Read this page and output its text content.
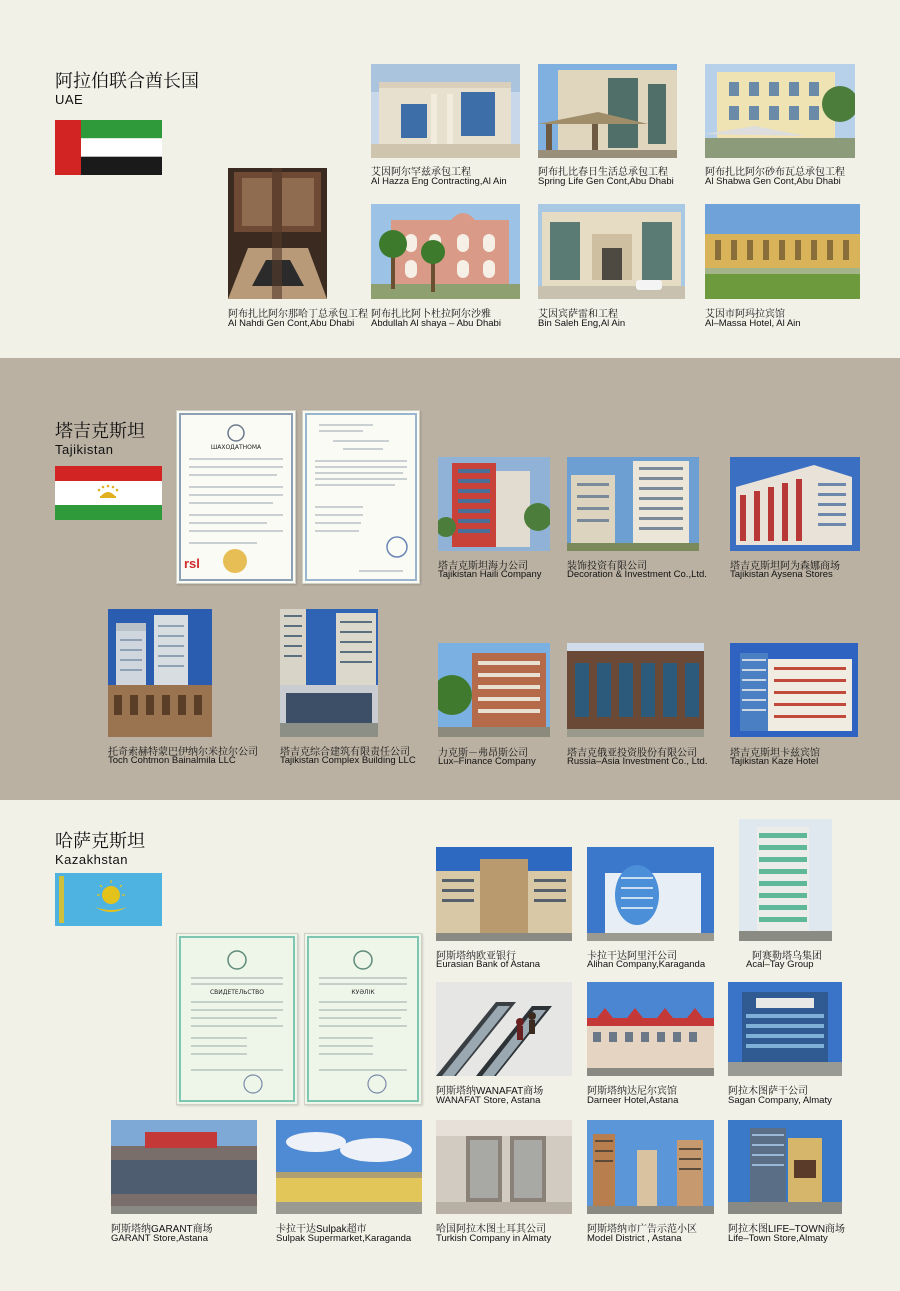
阿拉伯联合酋长国
UAE
艾因阿尔罕兹承包工程
Al Hazza Eng Contracting,Al Ain
阿布扎比春日生活总承包工程
Spring Life Gen Cont,Abu Dhabi
阿布扎比阿尔砂布瓦总承包工程
Al Shabwa Gen Cont,Abu Dhabi
阿布扎比阿尔那哈丁总承包工程
Al Nahdi Gen Cont,Abu Dhabi
阿布扎比阿卜杜拉阿尔沙雅
Abdullah Al shaya – Abu Dhabi
艾因宾萨雷和工程
Bin Saleh Eng,Al Ain
艾因市阿玛拉宾馆
Al–Massa Hotel, Al Ain
塔吉克斯坦
Tajikistan	ШАХОДАТНОМА
rsl	塔吉克斯坦海力公司
Tajikistan Haili Company
装饰投资有限公司
Decoration & Investment Co.,Ltd.
塔吉克斯坦阿为森娜商场
Tajikistan Aysena Stores
托奇索赫特蒙巴伊纳尔米拉尔公司
Toch Cohtmon Bainalmila LLC
塔吉克综合建筑有限责任公司
Tajikistan Complex Building LLC
力克斯－弗昂斯公司
Lux–Finance Company
塔吉克俄亚投资股份有限公司
Russia–Asia Investment Co., Ltd.
塔吉克斯坦卡兹宾馆
Tajikistan Kaze Hotel
哈萨克斯坦
Kazakhstan
СВИДЕТЕЛЬСТВО	КУӘЛІК
阿斯塔纳欧亚银行
Eurasian Bank of Astana
卡拉干达阿里汗公司
Alihan Company,Karaganda
阿赛勒塔乌集团
Acal–Tay Group
阿斯塔纳WANAFAT商场
WANAFAT Store, Astana
阿斯塔纳达尼尔宾馆
Darneer Hotel,Astana
阿拉木图萨干公司
Sagan Company, Almaty
阿斯塔纳GARANT商场
GARANT Store,Astana
卡拉干达Sulpak超市
Sulpak Supermarket,Karaganda
哈国阿拉木图土耳其公司
Turkish Company in Almaty
阿斯塔纳市广告示范小区
Model District , Astana
阿拉木图LIFE–TOWN商场
Life–Town Store,Almaty
